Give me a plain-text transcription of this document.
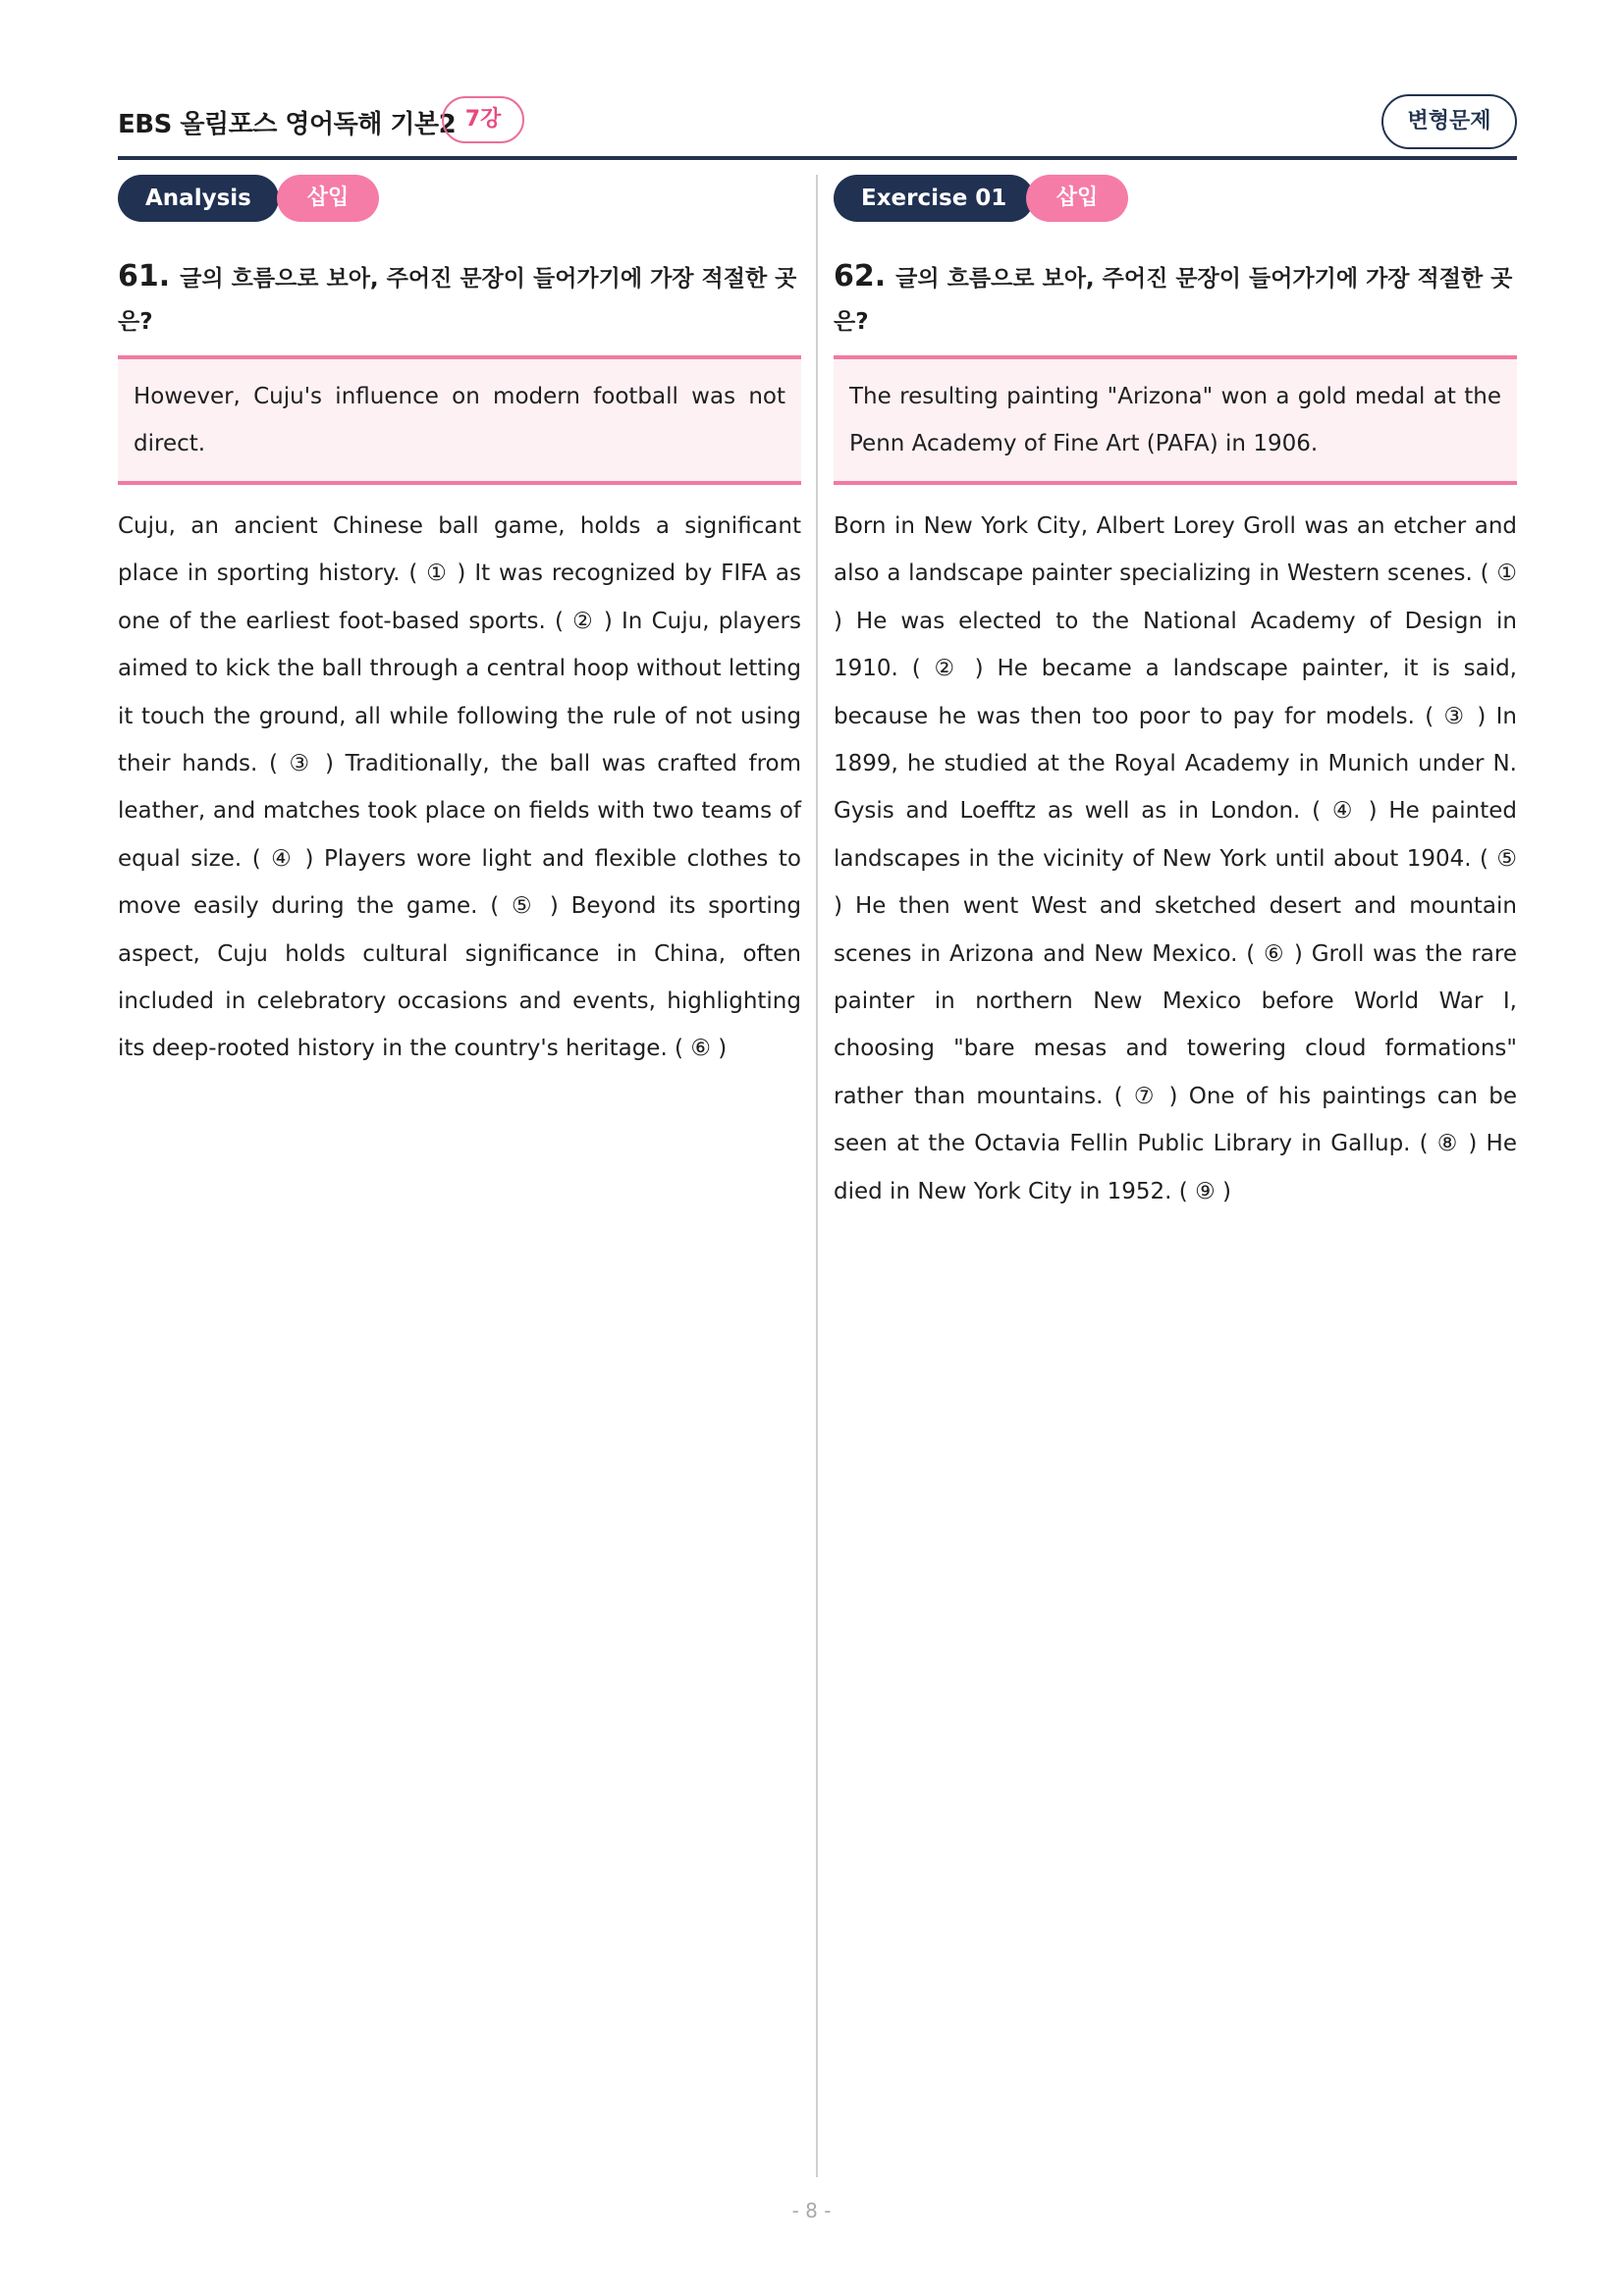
EBS 올림포스 영어독해 기본2 7강	변형문제
Analysis	삽입
61. 글의 흐름으로 보아, 주어진 문장이 들어가기에 가장 적절한 곳은?
However, Cuju's influence on modern football was not direct.
Cuju, an ancient Chinese ball game, holds a significant place in sporting history. ( ① ) It was recognized by FIFA as one of the earliest foot-based sports. ( ② ) In Cuju, players aimed to kick the ball through a central hoop without letting it touch the ground, all while following the rule of not using their hands. ( ③ ) Traditionally, the ball was crafted from leather, and matches took place on fields with two teams of equal size. ( ④ ) Players wore light and flexible clothes to move easily during the game. ( ⑤ ) Beyond its sporting aspect, Cuju holds cultural significance in China, often included in celebratory occasions and events, highlighting its deep-rooted history in the country's heritage. ( ⑥ )
Exercise 01	삽입
62. 글의 흐름으로 보아, 주어진 문장이 들어가기에 가장 적절한 곳은?
The resulting painting "Arizona" won a gold medal at the Penn Academy of Fine Art (PAFA) in 1906.
Born in New York City, Albert Lorey Groll was an etcher and also a landscape painter specializing in Western scenes. ( ① ) He was elected to the National Academy of Design in 1910. ( ② ) He became a landscape painter, it is said, because he was then too poor to pay for models. ( ③ ) In 1899, he studied at the Royal Academy in Munich under N. Gysis and Loefftz as well as in London. ( ④ ) He painted landscapes in the vicinity of New York until about 1904. ( ⑤ ) He then went West and sketched desert and mountain scenes in Arizona and New Mexico. ( ⑥ ) Groll was the rare painter in northern New Mexico before World War I, choosing "bare mesas and towering cloud formations" rather than mountains. ( ⑦ ) One of his paintings can be seen at the Octavia Fellin Public Library in Gallup. ( ⑧ ) He died in New York City in 1952. ( ⑨ )
- 8 -
